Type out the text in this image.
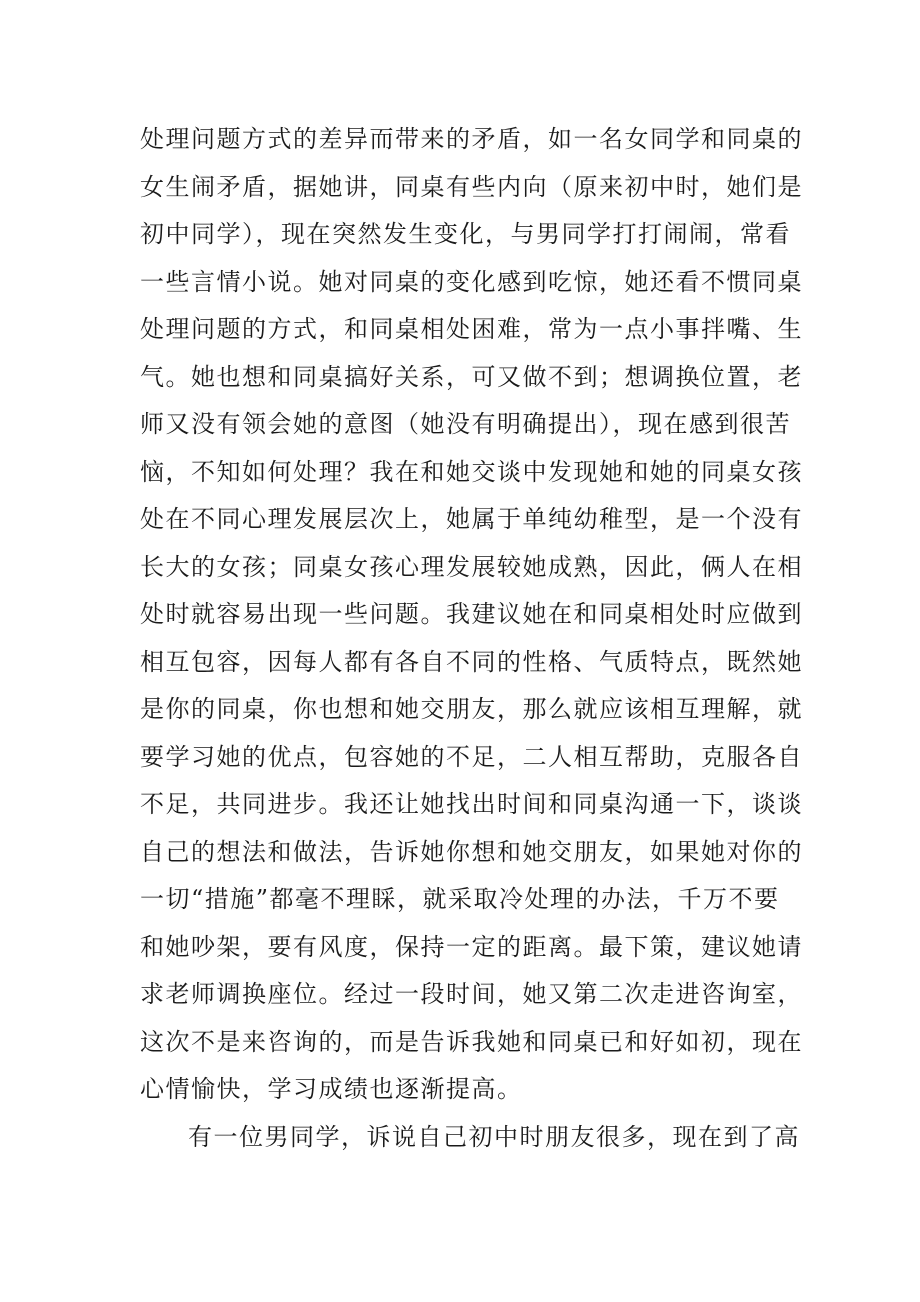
处理问题方式的差异而带来的矛盾，如一名女同学和同桌的
女生闹矛盾，据她讲，同桌有些内向（原来初中时，她们是
初中同学），现在突然发生变化，与男同学打打闹闹，常看
一些言情小说。她对同桌的变化感到吃惊，她还看不惯同桌
处理问题的方式，和同桌相处困难，常为一点小事拌嘴、生
气。她也想和同桌搞好关系，可又做不到；想调换位置，老
师又没有领会她的意图（她没有明确提出），现在感到很苦
恼，不知如何处理？我在和她交谈中发现她和她的同桌女孩
处在不同心理发展层次上，她属于单纯幼稚型，是一个没有
长大的女孩；同桌女孩心理发展较她成熟，因此，俩人在相
处时就容易出现一些问题。我建议她在和同桌相处时应做到
相互包容，因每人都有各自不同的性格、气质特点，既然她
是你的同桌，你也想和她交朋友，那么就应该相互理解，就
要学习她的优点，包容她的不足，二人相互帮助，克服各自
不足，共同进步。我还让她找出时间和同桌沟通一下，谈谈
自己的想法和做法，告诉她你想和她交朋友，如果她对你的
一切“措施”都毫不理睬，就采取冷处理的办法，千万不要
和她吵架，要有风度，保持一定的距离。最下策，建议她请
求老师调换座位。经过一段时间，她又第二次走进咨询室，
这次不是来咨询的，而是告诉我她和同桌已和好如初，现在
心情愉快，学习成绩也逐渐提高。
有一位男同学，诉说自己初中时朋友很多，现在到了高
